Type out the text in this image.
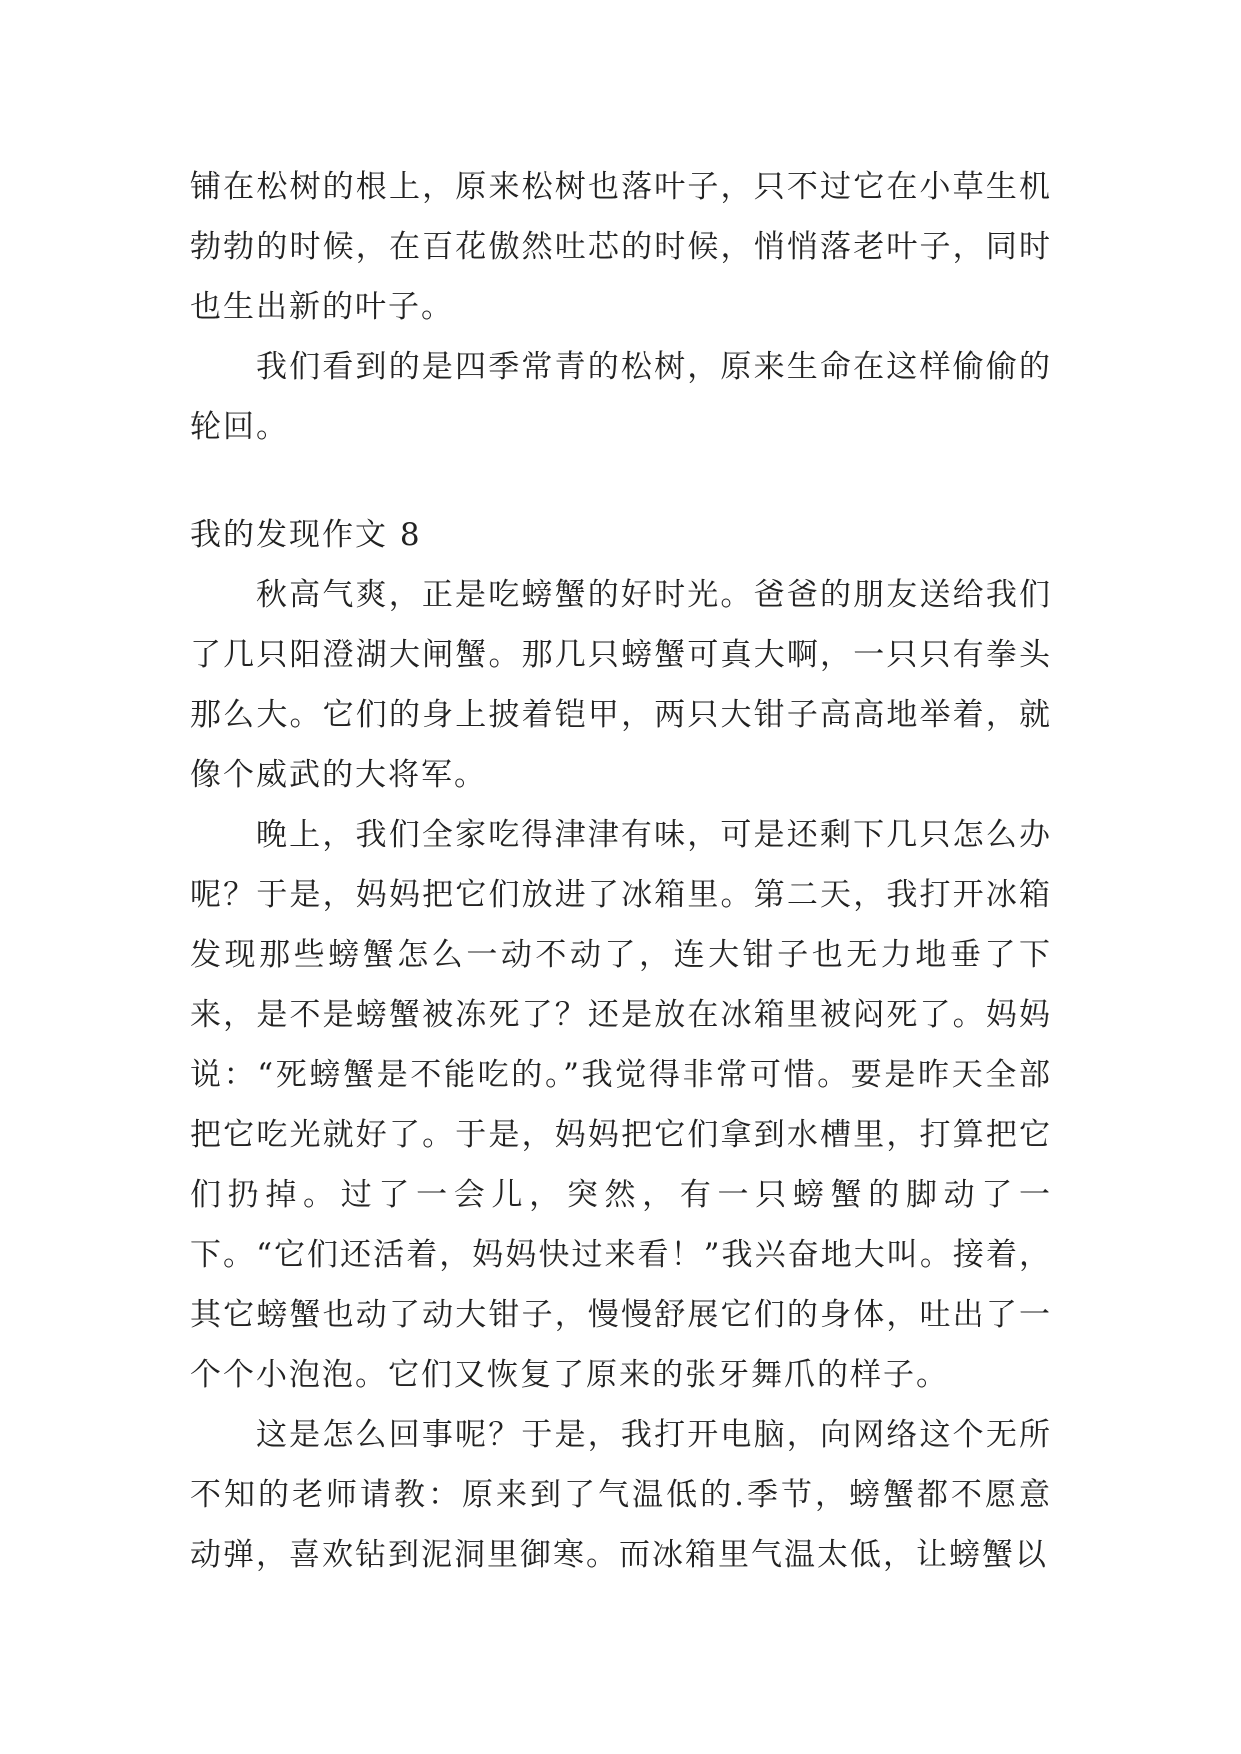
铺在松树的根上，原来松树也落叶子，只不过它在小草生机勃勃的时候，在百花傲然吐芯的时候，悄悄落老叶子，同时也生出新的叶子。

我们看到的是四季常青的松树，原来生命在这样偷偷的轮回。

我的发现作文 8

秋高气爽，正是吃螃蟹的好时光。爸爸的朋友送给我们了几只阳澄湖大闸蟹。那几只螃蟹可真大啊，一只只有拳头那么大。它们的身上披着铠甲，两只大钳子高高地举着，就像个威武的大将军。

晚上，我们全家吃得津津有味，可是还剩下几只怎么办呢？于是，妈妈把它们放进了冰箱里。第二天，我打开冰箱发现那些螃蟹怎么一动不动了，连大钳子也无力地垂了下来，是不是螃蟹被冻死了？还是放在冰箱里被闷死了。妈妈说：“死螃蟹是不能吃的。”我觉得非常可惜。要是昨天全部把它吃光就好了。于是，妈妈把它们拿到水槽里，打算把它们扔掉。过了一会儿，突然，有一只螃蟹的脚动了一下。“它们还活着，妈妈快过来看！”我兴奋地大叫。接着，其它螃蟹也动了动大钳子，慢慢舒展它们的身体，吐出了一个个小泡泡。它们又恢复了原来的张牙舞爪的样子。

这是怎么回事呢？于是，我打开电脑，向网络这个无所不知的老师请教：原来到了气温低的.季节，螃蟹都不愿意动弹，喜欢钻到泥洞里御寒。而冰箱里气温太低，让螃蟹以
